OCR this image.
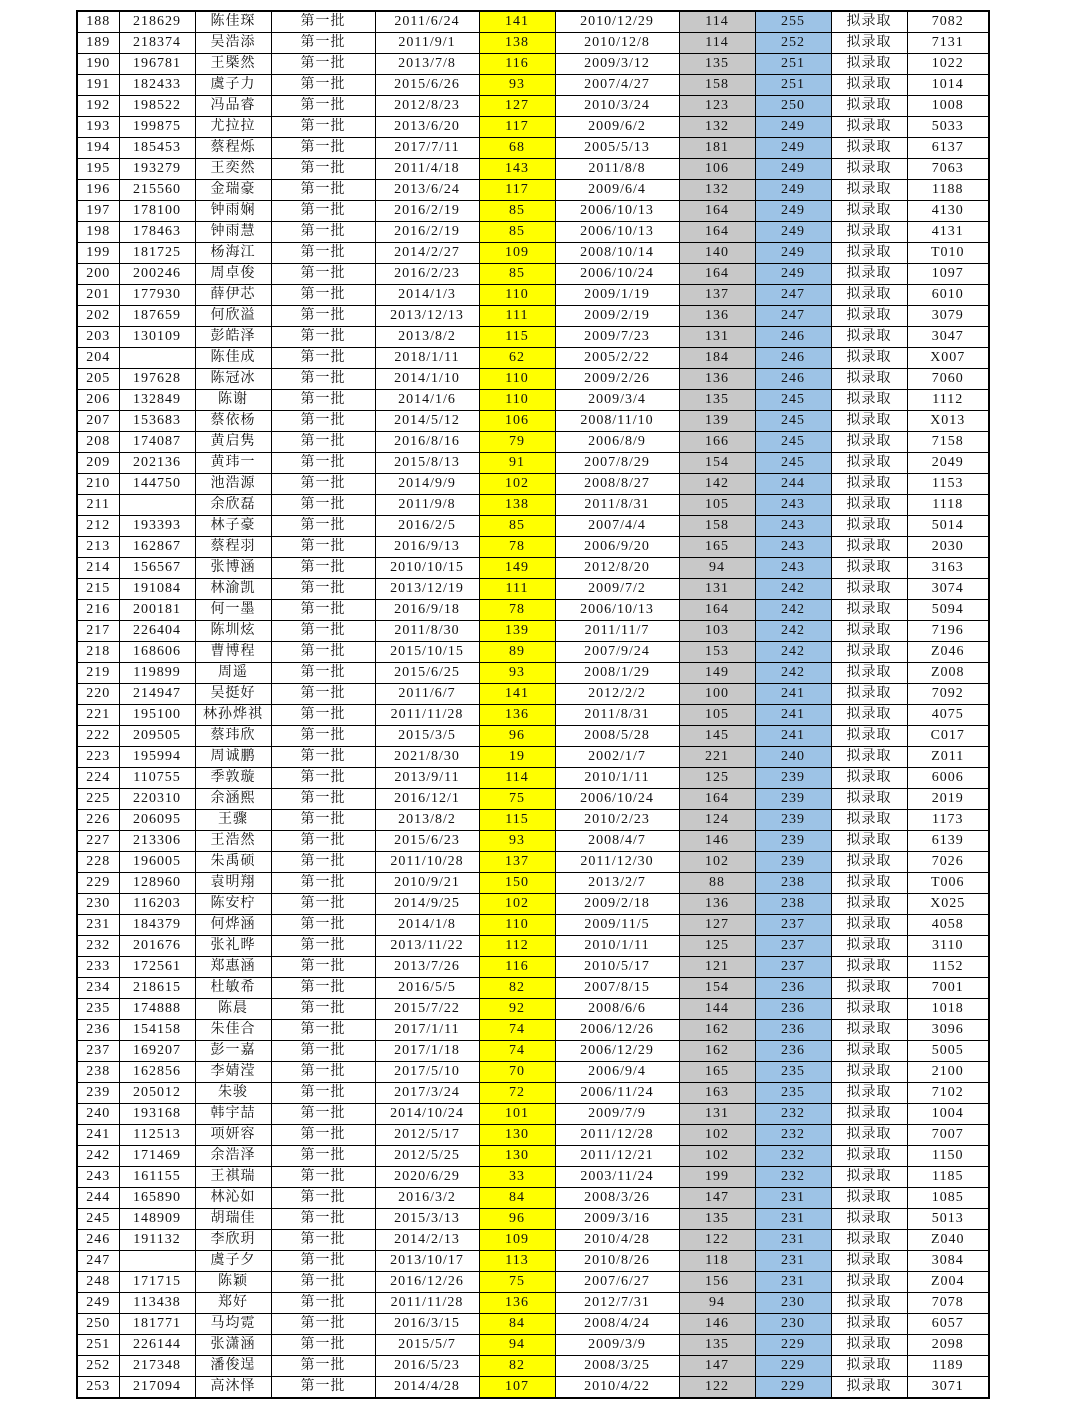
188	218629	陈佳琛	第一批	2011/6/24	141	2010/12/29	114	255	拟录取	7082
189	218374	吴浩添	第一批	2011/9/1	138	2010/12/8	114	252	拟录取	7131
190	196781	王槩然	第一批	2013/7/8	116	2009/3/12	135	251	拟录取	1022
191	182433	虞子力	第一批	2015/6/26	93	2007/4/27	158	251	拟录取	1014
192	198522	冯品睿	第一批	2012/8/23	127	2010/3/24	123	250	拟录取	1008
193	199875	尤拉拉	第一批	2013/6/20	117	2009/6/2	132	249	拟录取	5033
194	185453	蔡程烁	第一批	2017/7/11	68	2005/5/13	181	249	拟录取	6137
195	193279	王奕然	第一批	2011/4/18	143	2011/8/8	106	249	拟录取	7063
196	215560	金瑞豪	第一批	2013/6/24	117	2009/6/4	132	249	拟录取	1188
197	178100	钟雨娴	第一批	2016/2/19	85	2006/10/13	164	249	拟录取	4130
198	178463	钟雨慧	第一批	2016/2/19	85	2006/10/13	164	249	拟录取	4131
199	181725	杨海江	第一批	2014/2/27	109	2008/10/14	140	249	拟录取	T010
200	200246	周卓俊	第一批	2016/2/23	85	2006/10/24	164	249	拟录取	1097
201	177930	薛伊芯	第一批	2014/1/3	110	2009/1/19	137	247	拟录取	6010
202	187659	何欣溢	第一批	2013/12/13	111	2009/2/19	136	247	拟录取	3079
203	130109	彭皓泽	第一批	2013/8/2	115	2009/7/23	131	246	拟录取	3047
204		陈佳成	第一批	2018/1/11	62	2005/2/22	184	246	拟录取	X007
205	197628	陈冠冰	第一批	2014/1/10	110	2009/2/26	136	246	拟录取	7060
206	132849	陈谢	第一批	2014/1/6	110	2009/3/4	135	245	拟录取	1112
207	153683	蔡依杨	第一批	2014/5/12	106	2008/11/10	139	245	拟录取	X013
208	174087	黄启隽	第一批	2016/8/16	79	2006/8/9	166	245	拟录取	7158
209	202136	黄玮一	第一批	2015/8/13	91	2007/8/29	154	245	拟录取	2049
210	144750	池浩源	第一批	2014/9/9	102	2008/8/27	142	244	拟录取	1153
211		余欣磊	第一批	2011/9/8	138	2011/8/31	105	243	拟录取	1118
212	193393	林子豪	第一批	2016/2/5	85	2007/4/4	158	243	拟录取	5014
213	162867	蔡程羽	第一批	2016/9/13	78	2006/9/20	165	243	拟录取	2030
214	156567	张博涵	第一批	2010/10/15	149	2012/8/20	94	243	拟录取	3163
215	191084	林渝凯	第一批	2013/12/19	111	2009/7/2	131	242	拟录取	3074
216	200181	何一墨	第一批	2016/9/18	78	2006/10/13	164	242	拟录取	5094
217	226404	陈圳炫	第一批	2011/8/30	139	2011/11/7	103	242	拟录取	7196
218	168606	曹博程	第一批	2015/10/15	89	2007/9/24	153	242	拟录取	Z046
219	119899	周遥	第一批	2015/6/25	93	2008/1/29	149	242	拟录取	Z008
220	214947	吴挺好	第一批	2011/6/7	141	2012/2/2	100	241	拟录取	7092
221	195100	林孙烨祺	第一批	2011/11/28	136	2011/8/31	105	241	拟录取	4075
222	209505	蔡玮欣	第一批	2015/3/5	96	2008/5/28	145	241	拟录取	C017
223	195994	周诚鹏	第一批	2021/8/30	19	2002/1/7	221	240	拟录取	Z011
224	110755	季敦璇	第一批	2013/9/11	114	2010/1/11	125	239	拟录取	6006
225	220310	余涵熙	第一批	2016/12/1	75	2006/10/24	164	239	拟录取	2019
226	206095	王骤	第一批	2013/8/2	115	2010/2/23	124	239	拟录取	1173
227	213306	王浩然	第一批	2015/6/23	93	2008/4/7	146	239	拟录取	6139
228	196005	朱禹硕	第一批	2011/10/28	137	2011/12/30	102	239	拟录取	7026
229	128960	袁明翔	第一批	2010/9/21	150	2013/2/7	88	238	拟录取	T006
230	116203	陈安柠	第一批	2014/9/25	102	2009/2/18	136	238	拟录取	X025
231	184379	何烨涵	第一批	2014/1/8	110	2009/11/5	127	237	拟录取	4058
232	201676	张礼晔	第一批	2013/11/22	112	2010/1/11	125	237	拟录取	3110
233	172561	郑惠涵	第一批	2013/7/26	116	2010/5/17	121	237	拟录取	1152
234	218615	杜敏希	第一批	2016/5/5	82	2007/8/15	154	236	拟录取	7001
235	174888	陈晨	第一批	2015/7/22	92	2008/6/6	144	236	拟录取	1018
236	154158	朱佳合	第一批	2017/1/11	74	2006/12/26	162	236	拟录取	3096
237	169207	彭一嘉	第一批	2017/1/18	74	2006/12/29	162	236	拟录取	5005
238	162856	李婧滢	第一批	2017/5/10	70	2006/9/4	165	235	拟录取	2100
239	205012	朱骏	第一批	2017/3/24	72	2006/11/24	163	235	拟录取	7102
240	193168	韩宇喆	第一批	2014/10/24	101	2009/7/9	131	232	拟录取	1004
241	112513	项妍容	第一批	2012/5/17	130	2011/12/28	102	232	拟录取	7007
242	171469	余浩泽	第一批	2012/5/25	130	2011/12/21	102	232	拟录取	1150
243	161155	王祺瑞	第一批	2020/6/29	33	2003/11/24	199	232	拟录取	1185
244	165890	林沁如	第一批	2016/3/2	84	2008/3/26	147	231	拟录取	1085
245	148909	胡瑞佳	第一批	2015/3/13	96	2009/3/16	135	231	拟录取	5013
246	191132	李欣玥	第一批	2014/2/13	109	2010/4/28	122	231	拟录取	Z040
247		虞子夕	第一批	2013/10/17	113	2010/8/26	118	231	拟录取	3084
248	171715	陈颖	第一批	2016/12/26	75	2007/6/27	156	231	拟录取	Z004
249	113438	郑好	第一批	2011/11/28	136	2012/7/31	94	230	拟录取	7078
250	181771	马均霓	第一批	2016/3/15	84	2008/4/24	146	230	拟录取	6057
251	226144	张潇涵	第一批	2015/5/7	94	2009/3/9	135	229	拟录取	2098
252	217348	潘俊逞	第一批	2016/5/23	82	2008/3/25	147	229	拟录取	1189
253	217094	高沐怿	第一批	2014/4/28	107	2010/4/22	122	229	拟录取	3071
